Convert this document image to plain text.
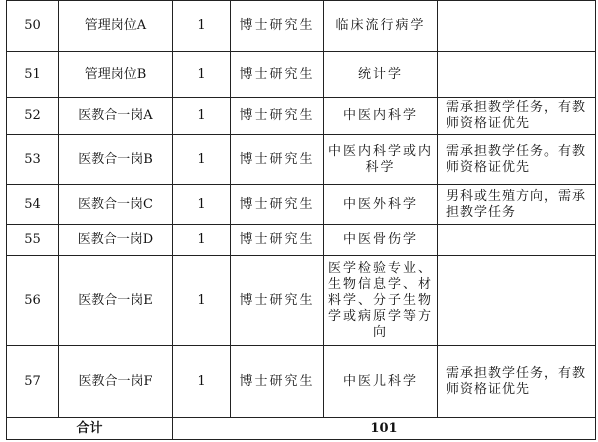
50	管理岗位A	1	博士研究生	临床流行病学	
51	管理岗位B	1	博士研究生	统计学	
52	医教合一岗A	1	博士研究生	中医内科学	需承担教学任务，有教师资格证优先
53	医教合一岗B	1	博士研究生	中医内科学或内科学	需承担教学任务。有教师资格证优先
54	医教合一岗C	1	博士研究生	中医外科学	男科或生殖方向，需承担教学任务
55	医教合一岗D	1	博士研究生	中医骨伤学	
56	医教合一岗E	1	博士研究生	医学检验专业、生物信息学、材料学、分子生物学或病原学等方向	
57	医教合一岗F	1	博士研究生	中医儿科学	需承担教学任务，有教师资格证优先
合计		101			
